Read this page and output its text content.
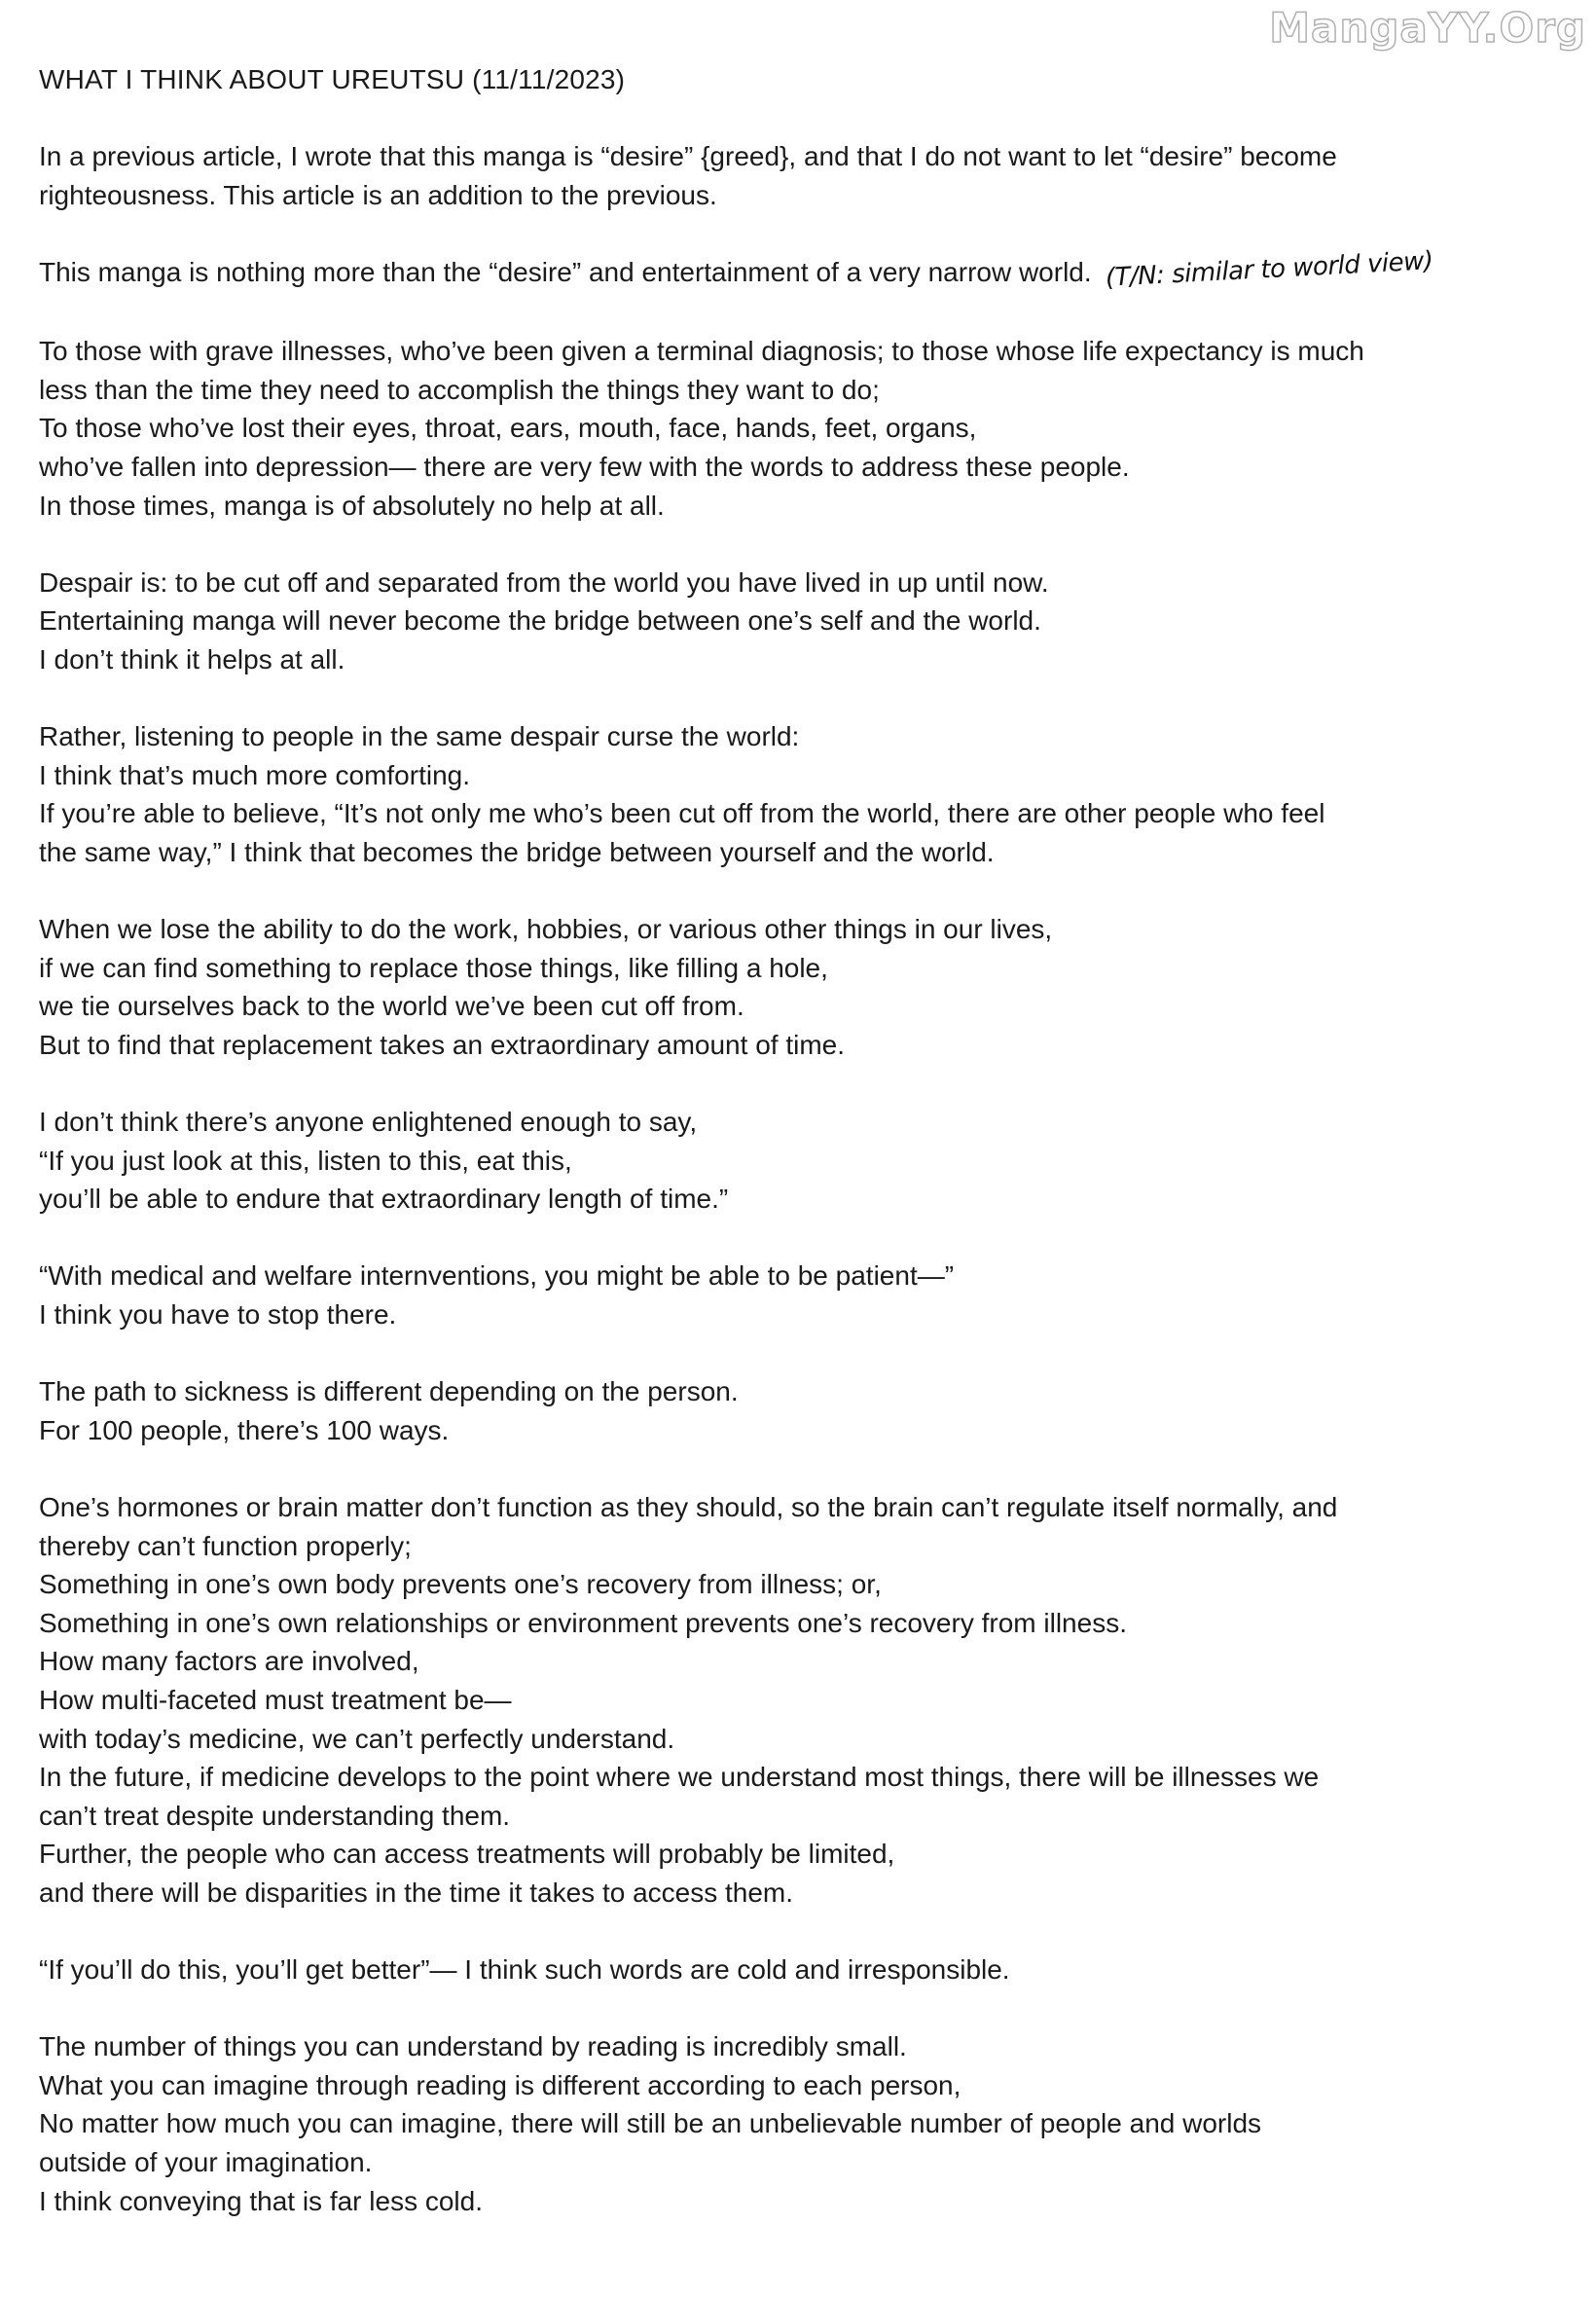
MangaYY.Org
WHAT I THINK ABOUT UREUTSU (11/11/2023)
In a previous article, I wrote that this manga is “desire” {greed}, and that I do not want to let “desire” become
righteousness. This article is an addition to the previous.
This manga is nothing more than the “desire” and entertainment of a very narrow world. (T/N: similar to world view)
To those with grave illnesses, who’ve been given a terminal diagnosis; to those whose life expectancy is much
less than the time they need to accomplish the things they want to do;
To those who’ve lost their eyes, throat, ears, mouth, face, hands, feet, organs,
who’ve fallen into depression— there are very few with the words to address these people.
In those times, manga is of absolutely no help at all.
Despair is: to be cut off and separated from the world you have lived in up until now.
Entertaining manga will never become the bridge between one’s self and the world.
I don’t think it helps at all.
Rather, listening to people in the same despair curse the world:
I think that’s much more comforting.
If you’re able to believe, “It’s not only me who’s been cut off from the world, there are other people who feel
the same way,” I think that becomes the bridge between yourself and the world.
When we lose the ability to do the work, hobbies, or various other things in our lives,
if we can find something to replace those things, like filling a hole,
we tie ourselves back to the world we’ve been cut off from.
But to find that replacement takes an extraordinary amount of time.
I don’t think there’s anyone enlightened enough to say,
“If you just look at this, listen to this, eat this,
you’ll be able to endure that extraordinary length of time.”
“With medical and welfare internventions, you might be able to be patient—”
I think you have to stop there.
The path to sickness is different depending on the person.
For 100 people, there’s 100 ways.
One’s hormones or brain matter don’t function as they should, so the brain can’t regulate itself normally, and
thereby can’t function properly;
Something in one’s own body prevents one’s recovery from illness; or,
Something in one’s own relationships or environment prevents one’s recovery from illness.
How many factors are involved,
How multi-faceted must treatment be—
with today’s medicine, we can’t perfectly understand.
In the future, if medicine develops to the point where we understand most things, there will be illnesses we
can’t treat despite understanding them.
Further, the people who can access treatments will probably be limited,
and there will be disparities in the time it takes to access them.
“If you’ll do this, you’ll get better”— I think such words are cold and irresponsible.
The number of things you can understand by reading is incredibly small.
What you can imagine through reading is different according to each person,
No matter how much you can imagine, there will still be an unbelievable number of people and worlds
outside of your imagination.
I think conveying that is far less cold.
